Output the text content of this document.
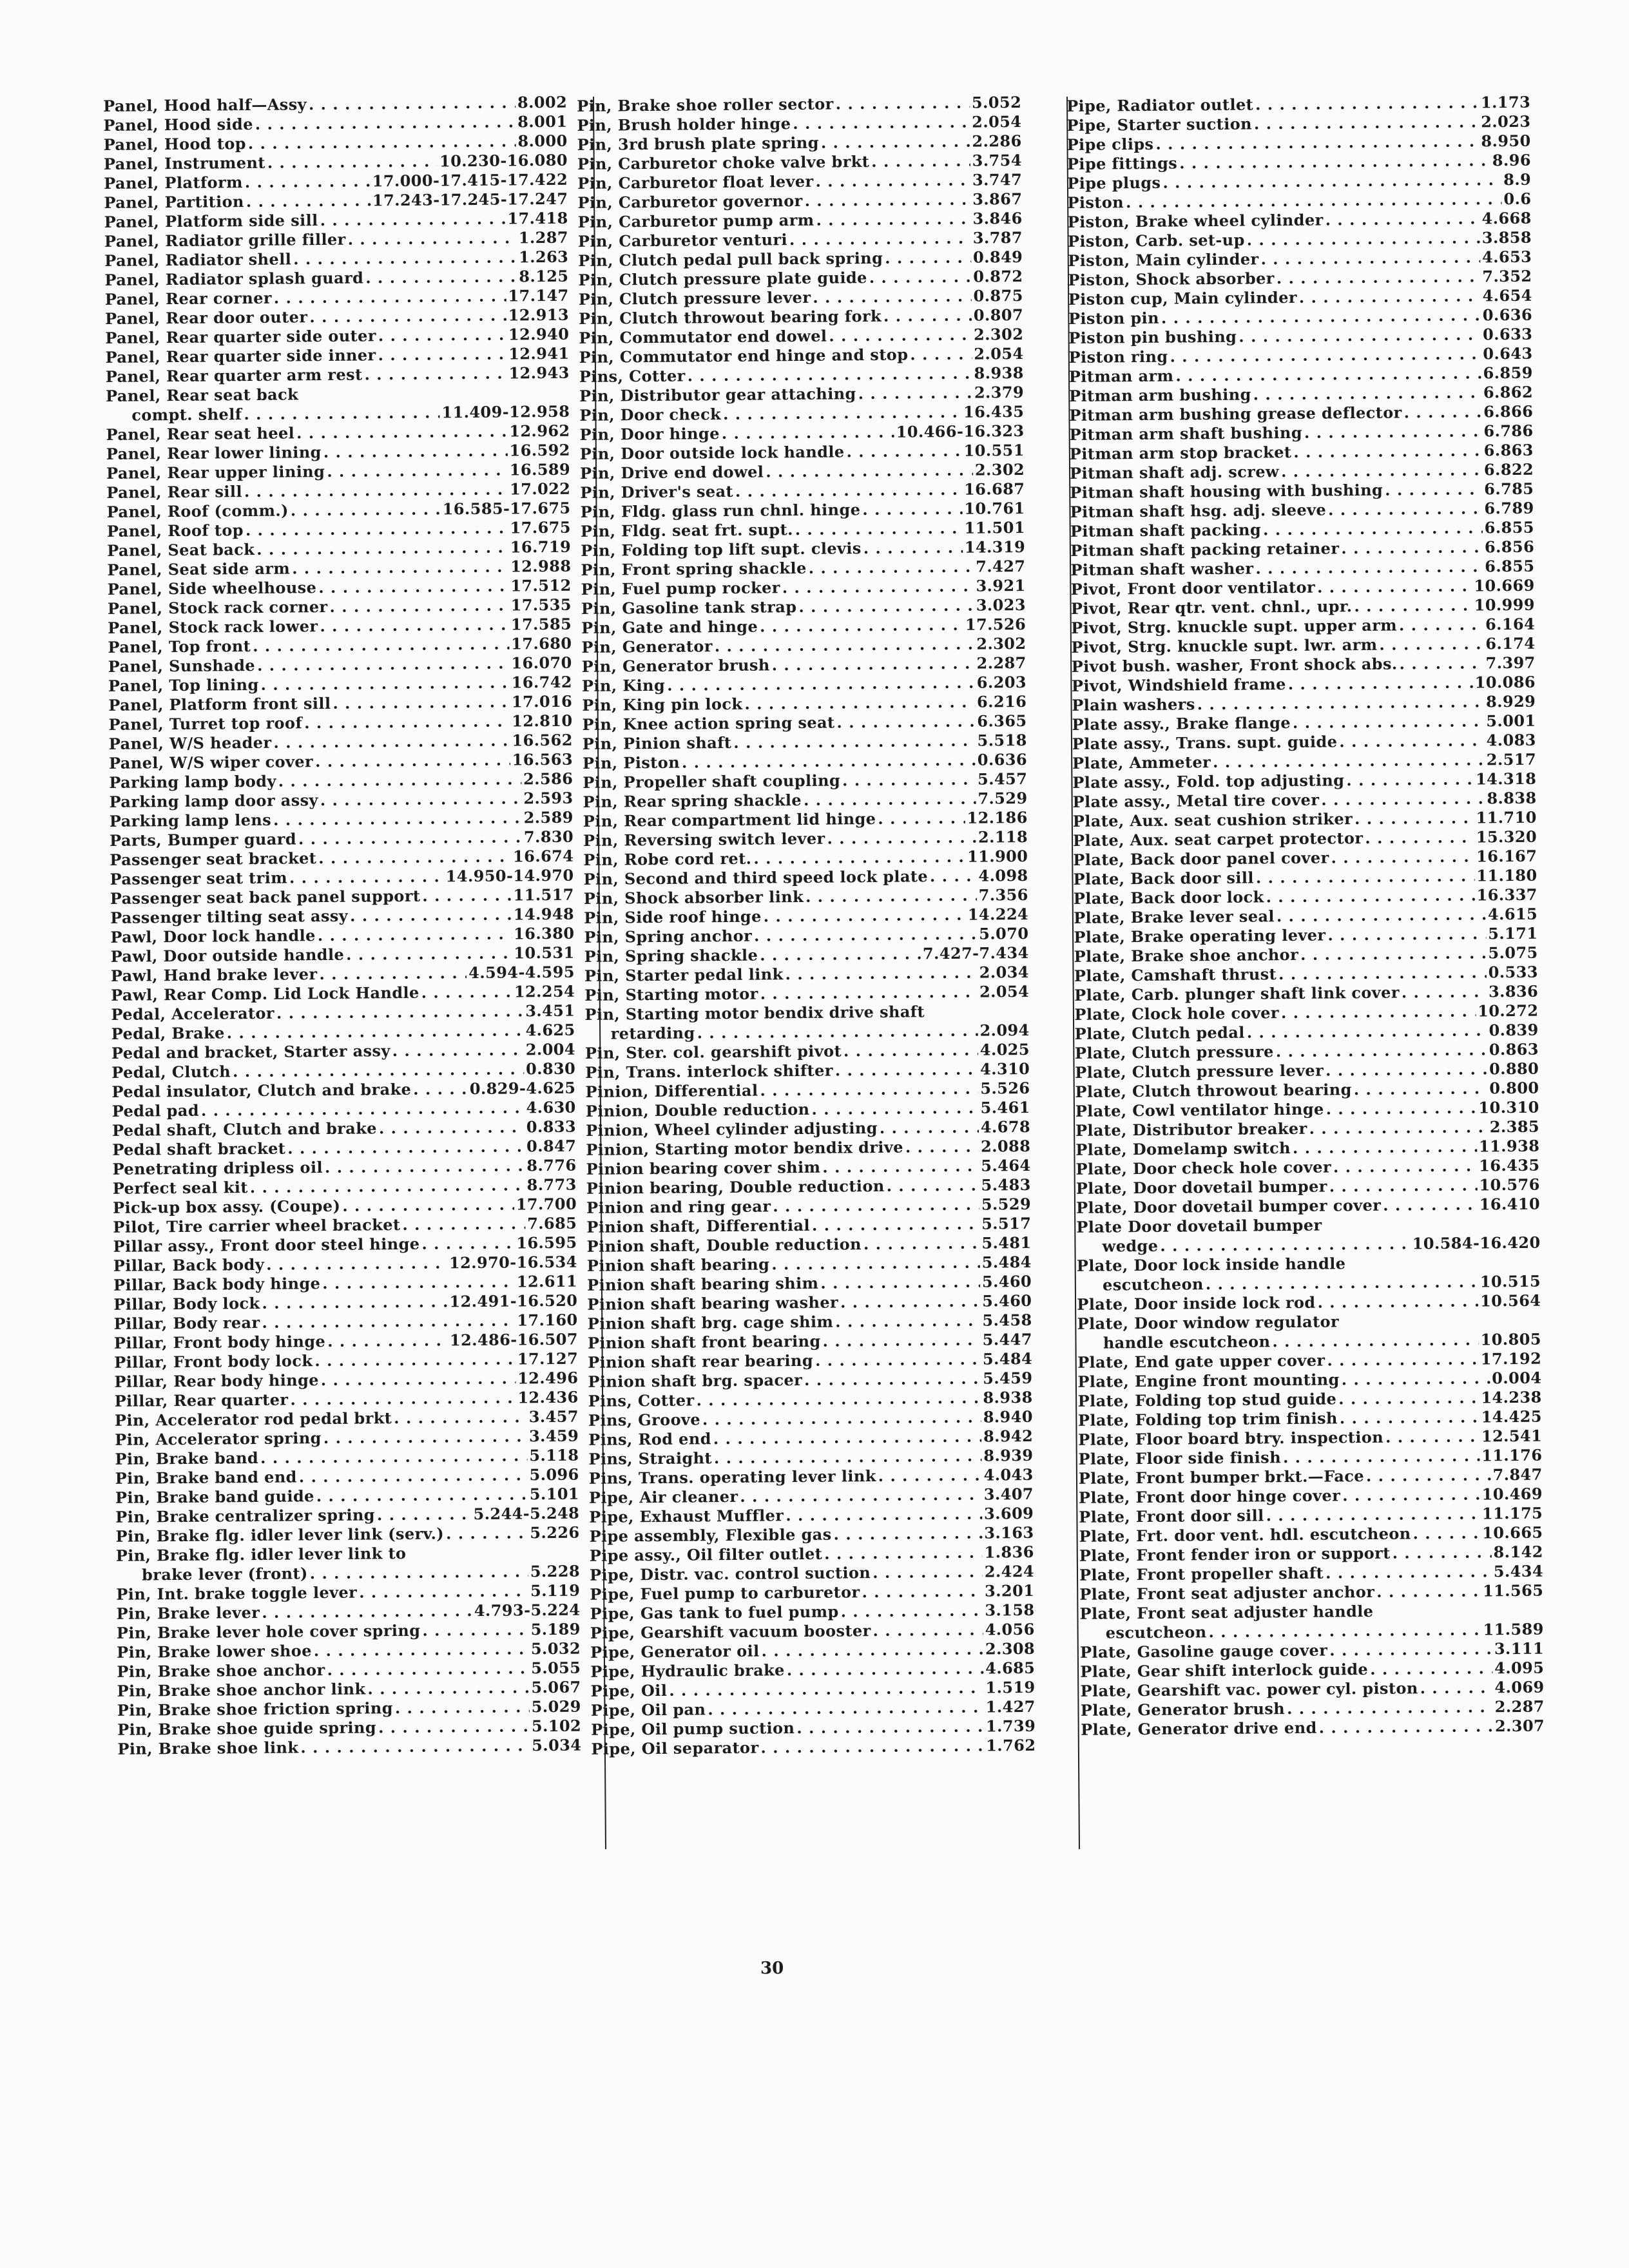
Panel, Hood half—Assy . . .	8.002
Panel, Hood side . . .	8.001
Panel, Hood top . . .	8.000
Panel, Instrument . . .	10.230-16.080
Panel, Platform . . .	17.000-17.415-17.422
Panel, Partition . . .	17.243-17.245-17.247
Panel, Platform side sill . . .	17.418
Panel, Radiator grille filler . . .	1.287
Panel, Radiator shell . . .	1.263
Panel, Radiator splash guard . . .	8.125
Panel, Rear corner . . .	17.147
Panel, Rear door outer . . .	12.913
Panel, Rear quarter side outer . . .	12.940
Panel, Rear quarter side inner . . .	12.941
Panel, Rear quarter arm rest . . .	12.943
Panel, Rear seat back
compt. shelf . . .	11.409-12.958
Panel, Rear seat heel . . .	12.962
Panel, Rear lower lining . . .	16.592
Panel, Rear upper lining . . .	16.589
Panel, Rear sill . . .	17.022
Panel, Roof (comm.) . . .	16.585-17.675
Panel, Roof top . . .	17.675
Panel, Seat back . . .	16.719
Panel, Seat side arm . . .	12.988
Panel, Side wheelhouse . . .	17.512
Panel, Stock rack corner . . .	17.535
Panel, Stock rack lower . . .	17.585
Panel, Top front . . .	17.680
Panel, Sunshade . . .	16.070
Panel, Top lining . . .	16.742
Panel, Platform front sill . . .	17.016
Panel, Turret top roof . . .	12.810
Panel, W/S header . . .	16.562
Panel, W/S wiper cover . . .	16.563
Parking lamp body . . .	2.586
Parking lamp door assy . . .	2.593
Parking lamp lens . . .	2.589
Parts, Bumper guard . . .	7.830
Passenger seat bracket . . .	16.674
Passenger seat trim . . .	14.950-14.970
Passenger seat back panel support . . .	11.517
Passenger tilting seat assy . . .	14.948
Pawl, Door lock handle . . .	16.380
Pawl, Door outside handle . . .	10.531
Pawl, Hand brake lever . . .	4.594-4.595
Pawl, Rear Comp. Lid Lock Handle . . .	12.254
Pedal, Accelerator . . .	3.451
Pedal, Brake . . .	4.625
Pedal and bracket, Starter assy . . .	2.004
Pedal, Clutch . . .	0.830
Pedal insulator, Clutch and brake . . .	0.829-4.625
Pedal pad . . .	4.630
Pedal shaft, Clutch and brake . . .	0.833
Pedal shaft bracket . . .	0.847
Penetrating dripless oil . . .	8.776
Perfect seal kit . . .	8.773
Pick-up box assy. (Coupe) . . .	17.700
Pilot, Tire carrier wheel bracket . . .	7.685
Pillar assy., Front door steel hinge . . .	16.595
Pillar, Back body . . .	12.970-16.534
Pillar, Back body hinge . . .	12.611
Pillar, Body lock . . .	12.491-16.520
Pillar, Body rear . . .	17.160
Pillar, Front body hinge . . .	12.486-16.507
Pillar, Front body lock . . .	17.127
Pillar, Rear body hinge . . .	12.496
Pillar, Rear quarter . . .	12.436
Pin, Accelerator rod pedal brkt . . .	3.457
Pin, Accelerator spring . . .	3.459
Pin, Brake band . . .	5.118
Pin, Brake band end . . .	5.096
Pin, Brake band guide . . .	5.101
Pin, Brake centralizer spring . . .	5.244-5.248
Pin, Brake flg. idler lever link (serv.) . . .	5.226
Pin, Brake flg. idler lever link to
brake lever (front) . . .	5.228
Pin, Int. brake toggle lever . . .	5.119
Pin, Brake lever . . .	4.793-5.224
Pin, Brake lever hole cover spring . . .	5.189
Pin, Brake lower shoe . . .	5.032
Pin, Brake shoe anchor . . .	5.055
Pin, Brake shoe anchor link . . .	5.067
Pin, Brake shoe friction spring . . .	5.029
Pin, Brake shoe guide spring . . .	5.102
Pin, Brake shoe link . . .	5.034
Pin, Brake shoe roller sector . . .	5.052
Pin, Brush holder hinge . . .	2.054
Pin, 3rd brush plate spring . . .	2.286
Pin, Carburetor choke valve brkt . . .	3.754
Pin, Carburetor float lever . . .	3.747
Pin, Carburetor governor . . .	3.867
Pin, Carburetor pump arm . . .	3.846
Pin, Carburetor venturi . . .	3.787
Pin, Clutch pedal pull back spring . . .	0.849
Pin, Clutch pressure plate guide . . .	0.872
Pin, Clutch pressure lever . . .	0.875
Pin, Clutch throwout bearing fork . . .	0.807
Pin, Commutator end dowel . . .	2.302
Pin, Commutator end hinge and stop . . .	2.054
Pins, Cotter . . .	8.938
Pin, Distributor gear attaching . . .	2.379
Pin, Door check . . .	16.435
Pin, Door hinge . . .	10.466-16.323
Pin, Door outside lock handle . . .	10.551
Pin, Drive end dowel . . .	2.302
Pin, Driver's seat . . .	16.687
Pin, Fldg. glass run chnl. hinge . . .	10.761
Pin, Fldg. seat frt. supt. . . .	11.501
Pin, Folding top lift supt. clevis . . .	14.319
Pin, Front spring shackle . . .	7.427
Pin, Fuel pump rocker . . .	3.921
Pin, Gasoline tank strap . . .	3.023
Pin, Gate and hinge . . .	17.526
Pin, Generator . . .	2.302
Pin, Generator brush . . .	2.287
Pin, King . . .	6.203
Pin, King pin lock . . .	6.216
Pin, Knee action spring seat . . .	6.365
Pin, Pinion shaft . . .	5.518
Pin, Piston . . .	0.636
Pin, Propeller shaft coupling . . .	5.457
Pin, Rear spring shackle . . .	7.529
Pin, Rear compartment lid hinge . . .	12.186
Pin, Reversing switch lever . . .	2.118
Pin, Robe cord ret. . . .	11.900
Pin, Second and third speed lock plate . . .	4.098
Pin, Shock absorber link . . .	7.356
Pin, Side roof hinge . . .	14.224
Pin, Spring anchor . . .	5.070
Pin, Spring shackle . . .	7.427-7.434
Pin, Starter pedal link . . .	2.034
Pin, Starting motor . . .	2.054
Pin, Starting motor bendix drive shaft
retarding . . .	2.094
Pin, Ster. col. gearshift pivot . . .	4.025
Pin, Trans. interlock shifter . . .	4.310
Pinion, Differential . . .	5.526
Pinion, Double reduction . . .	5.461
Pinion, Wheel cylinder adjusting . . .	4.678
Pinion, Starting motor bendix drive . . .	2.088
Pinion bearing cover shim . . .	5.464
Pinion bearing, Double reduction . . .	5.483
Pinion and ring gear . . .	5.529
Pinion shaft, Differential . . .	5.517
Pinion shaft, Double reduction . . .	5.481
Pinion shaft bearing . . .	5.484
Pinion shaft bearing shim . . .	5.460
Pinion shaft bearing washer . . .	5.460
Pinion shaft brg. cage shim . . .	5.458
Pinion shaft front bearing . . .	5.447
Pinion shaft rear bearing . . .	5.484
Pinion shaft brg. spacer . . .	5.459
Pins, Cotter . . .	8.938
Pins, Groove . . .	8.940
Pins, Rod end . . .	8.942
Pins, Straight . . .	8.939
Pins, Trans. operating lever link . . .	4.043
Pipe, Air cleaner . . .	3.407
Pipe, Exhaust Muffler . . .	3.609
Pipe assembly, Flexible gas . . .	3.163
Pipe assy., Oil filter outlet . . .	1.836
Pipe, Distr. vac. control suction . . .	2.424
Pipe, Fuel pump to carburetor . . .	3.201
Pipe, Gas tank to fuel pump . . .	3.158
Pipe, Gearshift vacuum booster . . .	4.056
Pipe, Generator oil . . .	2.308
Pipe, Hydraulic brake . . .	4.685
Pipe, Oil . . .	1.519
Pipe, Oil pan . . .	1.427
Pipe, Oil pump suction . . .	1.739
Pipe, Oil separator . . .	1.762
Pipe, Radiator outlet . . .	1.173
Pipe, Starter suction . . .	2.023
Pipe clips . . .	8.950
Pipe fittings . . .	8.96
Pipe plugs . . .	8.9
Piston . . .	0.6
Piston, Brake wheel cylinder . . .	4.668
Piston, Carb. set-up . . .	3.858
Piston, Main cylinder . . .	4.653
Piston, Shock absorber . . .	7.352
Piston cup, Main cylinder . . .	4.654
Piston pin . . .	0.636
Piston pin bushing . . .	0.633
Piston ring . . .	0.643
Pitman arm . . .	6.859
Pitman arm bushing . . .	6.862
Pitman arm bushing grease deflector . . .	6.866
Pitman arm shaft bushing . . .	6.786
Pitman arm stop bracket . . .	6.863
Pitman shaft adj. screw . . .	6.822
Pitman shaft housing with bushing . . .	6.785
Pitman shaft hsg. adj. sleeve . . .	6.789
Pitman shaft packing . . .	6.855
Pitman shaft packing retainer . . .	6.856
Pitman shaft washer . . .	6.855
Pivot, Front door ventilator . . .	10.669
Pivot, Rear qtr. vent. chnl., upr. . . .	10.999
Pivot, Strg. knuckle supt. upper arm . . .	6.164
Pivot, Strg. knuckle supt. lwr. arm . . .	6.174
Pivot bush. washer, Front shock abs. . . .	7.397
Pivot, Windshield frame . . .	10.086
Plain washers . . .	8.929
Plate assy., Brake flange . . .	5.001
Plate assy., Trans. supt. guide . . .	4.083
Plate, Ammeter . . .	2.517
Plate assy., Fold. top adjusting . . .	14.318
Plate assy., Metal tire cover . . .	8.838
Plate, Aux. seat cushion striker . . .	11.710
Plate, Aux. seat carpet protector . . .	15.320
Plate, Back door panel cover . . .	16.167
Plate, Back door sill . . .	11.180
Plate, Back door lock . . .	16.337
Plate, Brake lever seal . . .	4.615
Plate, Brake operating lever . . .	5.171
Plate, Brake shoe anchor . . .	5.075
Plate, Camshaft thrust . . .	0.533
Plate, Carb. plunger shaft link cover . . .	3.836
Plate, Clock hole cover . . .	10.272
Plate, Clutch pedal . . .	0.839
Plate, Clutch pressure . . .	0.863
Plate, Clutch pressure lever . . .	0.880
Plate, Clutch throwout bearing . . .	0.800
Plate, Cowl ventilator hinge . . .	10.310
Plate, Distributor breaker . . .	2.385
Plate, Domelamp switch . . .	11.938
Plate, Door check hole cover . . .	16.435
Plate, Door dovetail bumper . . .	10.576
Plate, Door dovetail bumper cover . . .	16.410
Plate Door dovetail bumper
wedge . . .	10.584-16.420
Plate, Door lock inside handle
escutcheon . . .	10.515
Plate, Door inside lock rod . . .	10.564
Plate, Door window regulator
handle escutcheon . . .	10.805
Plate, End gate upper cover . . .	17.192
Plate, Engine front mounting . . .	0.004
Plate, Folding top stud guide . . .	14.238
Plate, Folding top trim finish . . .	14.425
Plate, Floor board btry. inspection . . .	12.541
Plate, Floor side finish . . .	11.176
Plate, Front bumper brkt.—Face . . .	7.847
Plate, Front door hinge cover . . .	10.469
Plate, Front door sill . . .	11.175
Plate, Frt. door vent. hdl. escutcheon . . .	10.665
Plate, Front fender iron or support . . .	8.142
Plate, Front propeller shaft . . .	5.434
Plate, Front seat adjuster anchor . . .	11.565
Plate, Front seat adjuster handle
escutcheon . . .	11.589
Plate, Gasoline gauge cover . . .	3.111
Plate, Gear shift interlock guide . . .	4.095
Plate, Gearshift vac. power cyl. piston . . .	4.069
Plate, Generator brush . . .	2.287
Plate, Generator drive end . . .	2.307
30
